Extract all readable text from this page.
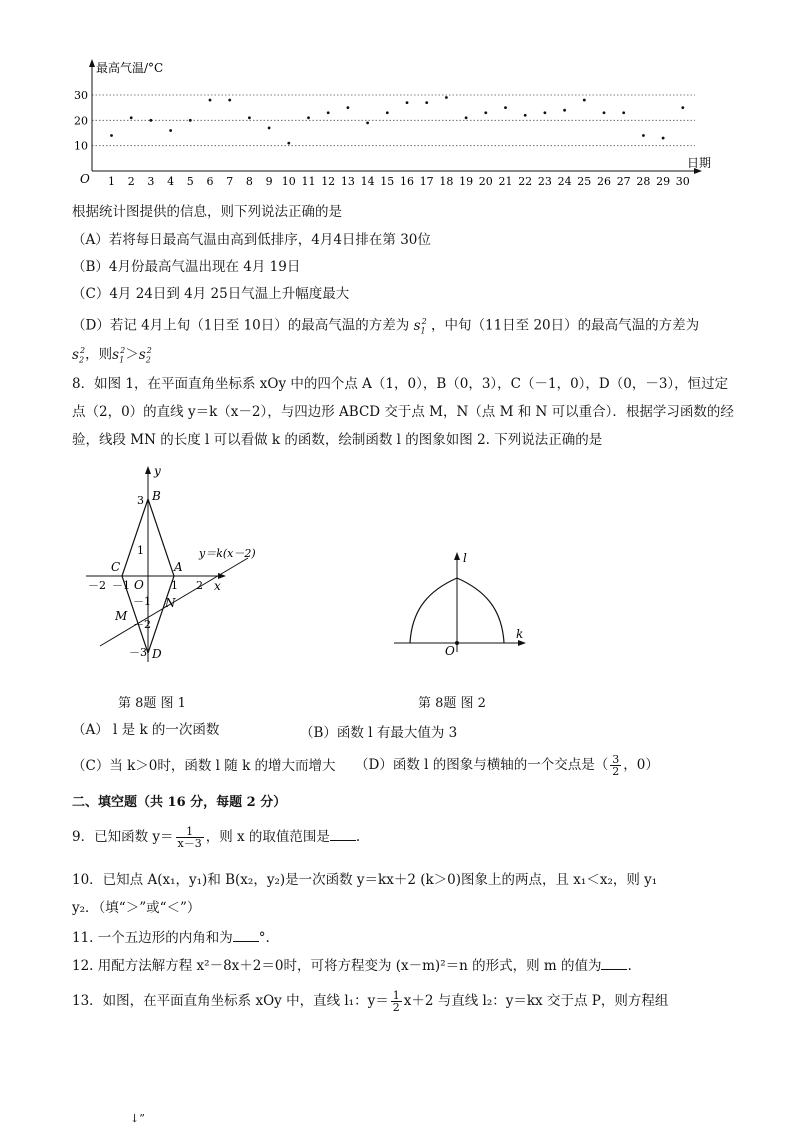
最高气温/°C
日期
O
10
20
30
1 2 3 4 5 6 7 8 9 10 11 12 13 14 15 16 17 18 19 20 21 22 23 24 25 26 27 28 29 30
根据统计图提供的信息，则下列说法正确的是
（A）若将每日最高气温由高到低排序，4月4日排在第 30位
（B）4月份最高气温出现在 4月 19日
（C）4月 24日到 4月 25日气温上升幅度最大
（D）若记 4月上旬（1日至 10日）的最高气温的方差为 $s_1^2$ ，中旬（11日至 20日）的最高气温的方差为
$s_2^2$，则$s_1^2>s_2^2$
8．如图 1，在平面直角坐标系 xOy 中的四个点 A（1，0），B（0，3），C（－1，0），D（0，－3），恒过定
点（2，0）的直线 y＝k（x－2），与四边形 ABCD 交于点 M，N（点 M 和 N 可以重合）．根据学习函数的经
验，线段 MN 的长度 l 可以看做 k 的函数，绘制函数 l 的图象如图 2. 下列说法正确的是
y
x
O
B
A
C
D
M
N
y＝k(x－2)
3
1
－1
－2
－3
－2 －1	1 2
l
k
O
第 8题 图 1	第 8题 图 2
（A） l 是 k 的一次函数	（B）函数 l 有最大值为 3
（C）当 k＞0时，函数 l 随 k 的增大而增大 （D）函数 l 的图象与横轴的一个交点是（ $\frac{3}{2}$ ，0）
二、填空题（共 16 分，每题 2 分）
9．已知函数 $y= \frac{1}{x-3}$ ，则 x 的取值范围是 .
10．已知点 A(x₁，y₁)和 B(x₂，y₂)是一次函数 y＝kx＋2 (k＞0)图象上的两点，且 x₁＜x₂，则 y₁
y₂．（填“＞”或“＜”）
11. 一个五边形的内角和为 °.
12. 用配方法解方程 x²－8x＋2＝0时，可将方程变为 (x－m)²＝n 的形式，则 m 的值为 .
13．如图，在平面直角坐标系 xOy 中，直线 l₁：$y= \frac{1}{2} x+2$ 与直线 l₂：y＝kx 交于点 P，则方程组
↓”
